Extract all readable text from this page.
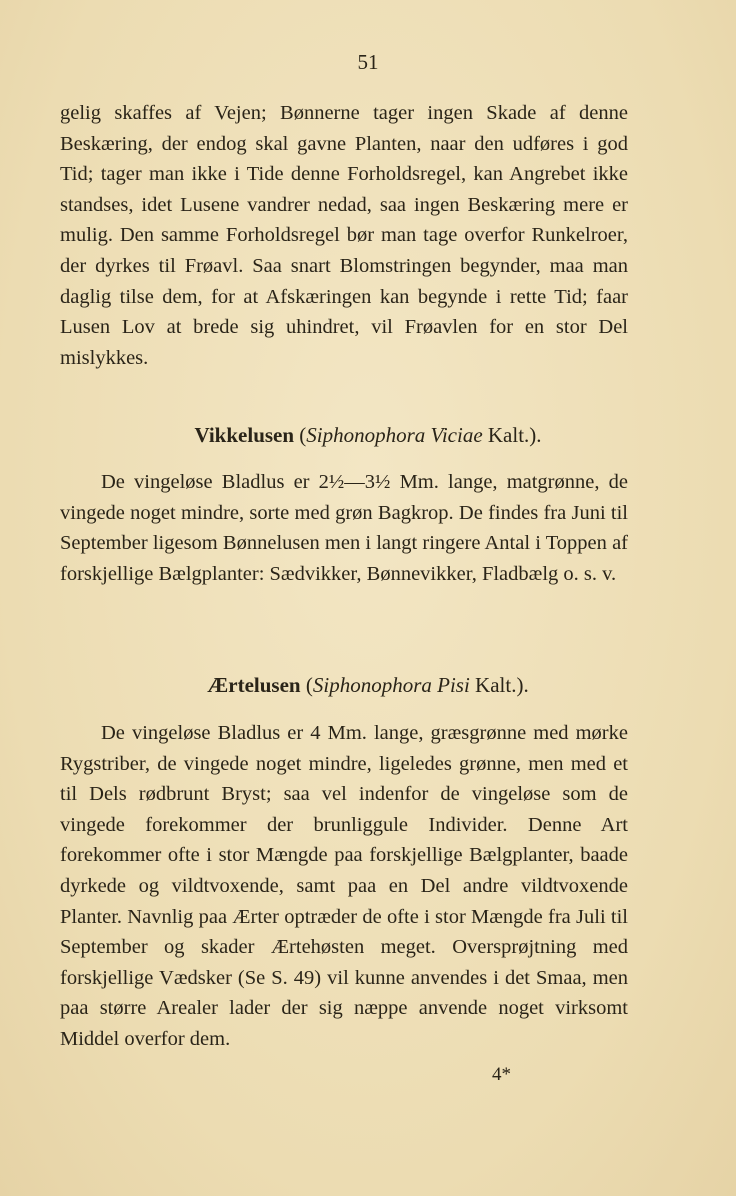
51

gelig skaffes af Vejen; Bønnerne tager ingen Skade af denne Beskæring, der endog skal gavne Planten, naar den udføres i god Tid; tager man ikke i Tide denne Forholdsregel, kan Angrebet ikke standses, idet Lusene vandrer nedad, saa ingen Beskæring mere er mulig. Den samme Forholdsregel bør man tage overfor Runkelroer, der dyrkes til Frøavl. Saa snart Blomstringen begynder, maa man daglig tilse dem, for at Afskæringen kan begynde i rette Tid; faar Lusen Lov at brede sig uhindret, vil Frøavlen for en stor Del mislykkes.

Vikkelusen (Siphonophora Viciae Kalt.).

De vingeløse Bladlus er 2½—3½ Mm. lange, matgrønne, de vingede noget mindre, sorte med grøn Bagkrop. De findes fra Juni til September ligesom Bønnelusen men i langt ringere Antal i Toppen af forskjellige Bælgplanter: Sædvikker, Bønnevikker, Fladbælg o. s. v.

Ærtelusen (Siphonophora Pisi Kalt.).

De vingeløse Bladlus er 4 Mm. lange, græsgrønne med mørke Rygstriber, de vingede noget mindre, ligeledes grønne, men med et til Dels rødbrunt Bryst; saa vel indenfor de vingeløse som de vingede forekommer der brunliggule Individer. Denne Art forekommer ofte i stor Mængde paa forskjellige Bælgplanter, baade dyrkede og vildtvoxende, samt paa en Del andre vildtvoxende Planter. Navnlig paa Ærter optræder de ofte i stor Mængde fra Juli til September og skader Ærtehøsten meget. Oversprøjtning med forskjellige Vædsker (Se S. 49) vil kunne anvendes i det Smaa, men paa større Arealer lader der sig næppe anvende noget virksomt Middel overfor dem.

4*
